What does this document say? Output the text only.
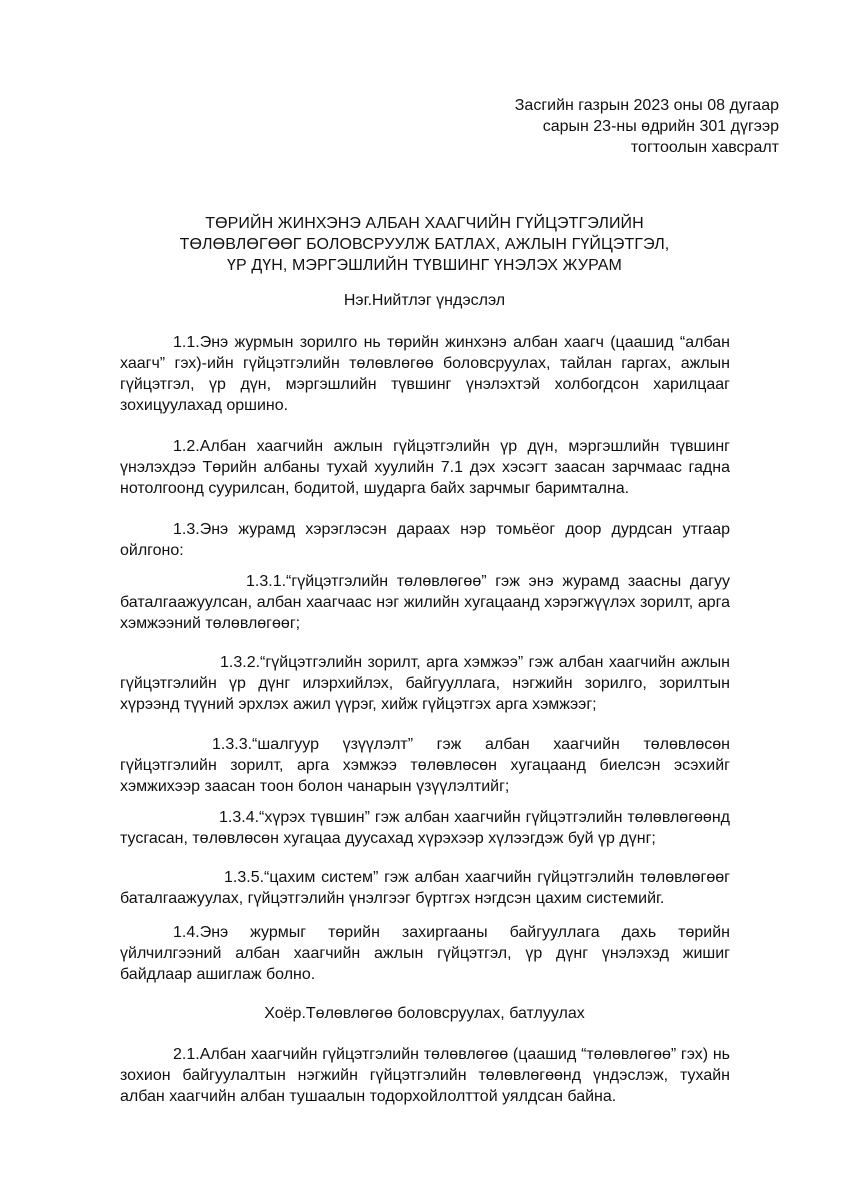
Засгийн газрын 2023 оны 08 дугаар
сарын 23-ны өдрийн 301 дүгээр
тогтоолын хавсралт
ТӨРИЙН ЖИНХЭНЭ АЛБАН ХААГЧИЙН ГҮЙЦЭТГЭЛИЙН
ТӨЛӨВЛӨГӨӨГ БОЛОВСРУУЛЖ БАТЛАХ, АЖЛЫН ГҮЙЦЭТГЭЛ,
ҮР ДҮН, МЭРГЭШЛИЙН ТҮВШИНГ ҮНЭЛЭХ ЖУРАМ
Нэг.Нийтлэг үндэслэл
1.1.Энэ журмын зорилго нь төрийн жинхэнэ албан хаагч (цаашид “албан хаагч” гэх)-ийн гүйцэтгэлийн төлөвлөгөө боловсруулах, тайлан гаргах, ажлын гүйцэтгэл, үр дүн, мэргэшлийн түвшинг үнэлэхтэй холбогдсон харилцааг зохицуулахад оршино.
1.2.Албан хаагчийн ажлын гүйцэтгэлийн үр дүн, мэргэшлийн түвшинг үнэлэхдээ Төрийн албаны тухай хуулийн 7.1 дэх хэсэгт заасан зарчмаас гадна нотолгоонд суурилсан, бодитой, шударга байх зарчмыг баримтална.
1.3.Энэ журамд хэрэглэсэн дараах нэр томьёог доор дурдсан утгаар ойлгоно:
1.3.1.“гүйцэтгэлийн төлөвлөгөө” гэж энэ журамд заасны дагуу баталгаажуулсан, албан хаагчаас нэг жилийн хугацаанд хэрэгжүүлэх зорилт, арга хэмжээний төлөвлөгөөг;
1.3.2.“гүйцэтгэлийн зорилт, арга хэмжээ” гэж албан хаагчийн ажлын гүйцэтгэлийн үр дүнг илэрхийлэх, байгууллага, нэгжийн зорилго, зорилтын хүрээнд түүний эрхлэх ажил үүрэг, хийж гүйцэтгэх арга хэмжээг;
1.3.3.“шалгуур үзүүлэлт” гэж албан хаагчийн төлөвлөсөн гүйцэтгэлийн зорилт, арга хэмжээ төлөвлөсөн хугацаанд биелсэн эсэхийг хэмжихээр заасан тоон болон чанарын үзүүлэлтийг;
1.3.4.“хүрэх түвшин” гэж албан хаагчийн гүйцэтгэлийн төлөвлөгөөнд тусгасан, төлөвлөсөн хугацаа дуусахад хүрэхээр хүлээгдэж буй үр дүнг;
1.3.5.“цахим систем” гэж албан хаагчийн гүйцэтгэлийн төлөвлөгөөг баталгаажуулах, гүйцэтгэлийн үнэлгээг бүртгэх нэгдсэн цахим системийг.
1.4.Энэ журмыг төрийн захиргааны байгууллага дахь төрийн үйлчилгээний албан хаагчийн ажлын гүйцэтгэл, үр дүнг үнэлэхэд жишиг байдлаар ашиглаж болно.
Хоёр.Төлөвлөгөө боловсруулах, батлуулах
2.1.Албан хаагчийн гүйцэтгэлийн төлөвлөгөө (цаашид “төлөвлөгөө” гэх) нь зохион байгуулалтын нэгжийн гүйцэтгэлийн төлөвлөгөөнд үндэслэж, тухайн албан хаагчийн албан тушаалын тодорхойлолттой уялдсан байна.
